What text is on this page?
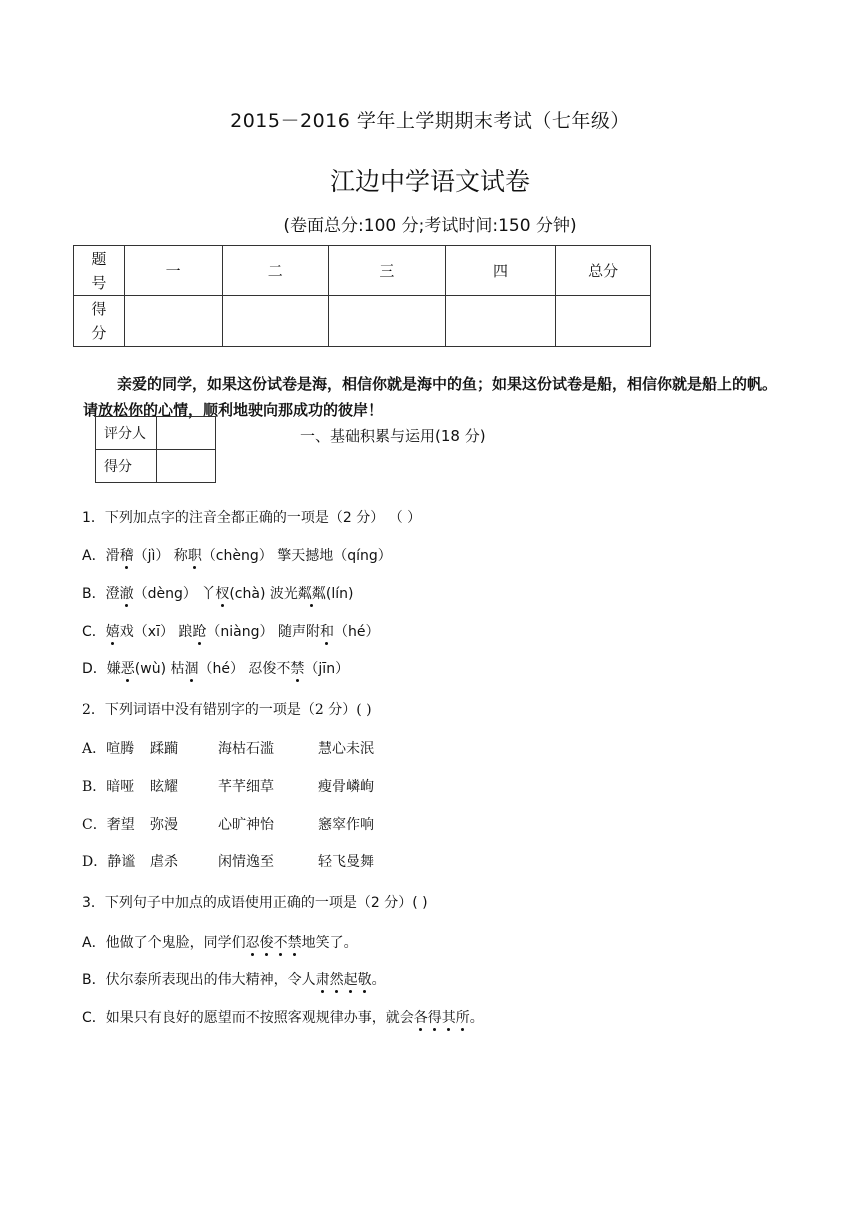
2015－2016 学年上学期期末考试（七年级）
江边中学语文试卷
(卷面总分:100 分;考试时间:150 分钟)
题
号	一	二	三	四	总分
得
分					
亲爱的同学，如果这份试卷是海，相信你就是海中的鱼；如果这份试卷是船，相信你就是船上的帆。请放松你的心情，顺利地驶向那成功的彼岸！
评分人	
得分	
一、基础积累与运用(18 分)
1．下列加点字的注音全都正确的一项是（2 分） （ ）
A．滑稽（jì） 称职（chèng） 擎天撼地（qíng）
B．澄澈（dèng） 丫杈(chà) 波光粼粼(lín)
C．嬉戏（xī） 踉跄（niàng） 随声附和（hé）
D．嫌恶(wù) 枯涸（hé） 忍俊不禁（jīn）
2．下列词语中没有错别字的一项是（2 分）( )
A．喧腾 蹂躏	海枯石滥	慧心未泯
B．暗哑 眩耀	芊芊细草	瘦骨嶙峋
C．奢望 弥漫	心旷神怡	窸窣作响
D．静谧 虐杀	闲情逸至	轻飞曼舞
3．下列句子中加点的成语使用正确的一项是（2 分）( )
A．他做了个鬼脸，同学们忍俊不禁地笑了。
B．伏尔泰所表现出的伟大精神，令人肃然起敬。
C．如果只有良好的愿望而不按照客观规律办事，就会各得其所。
